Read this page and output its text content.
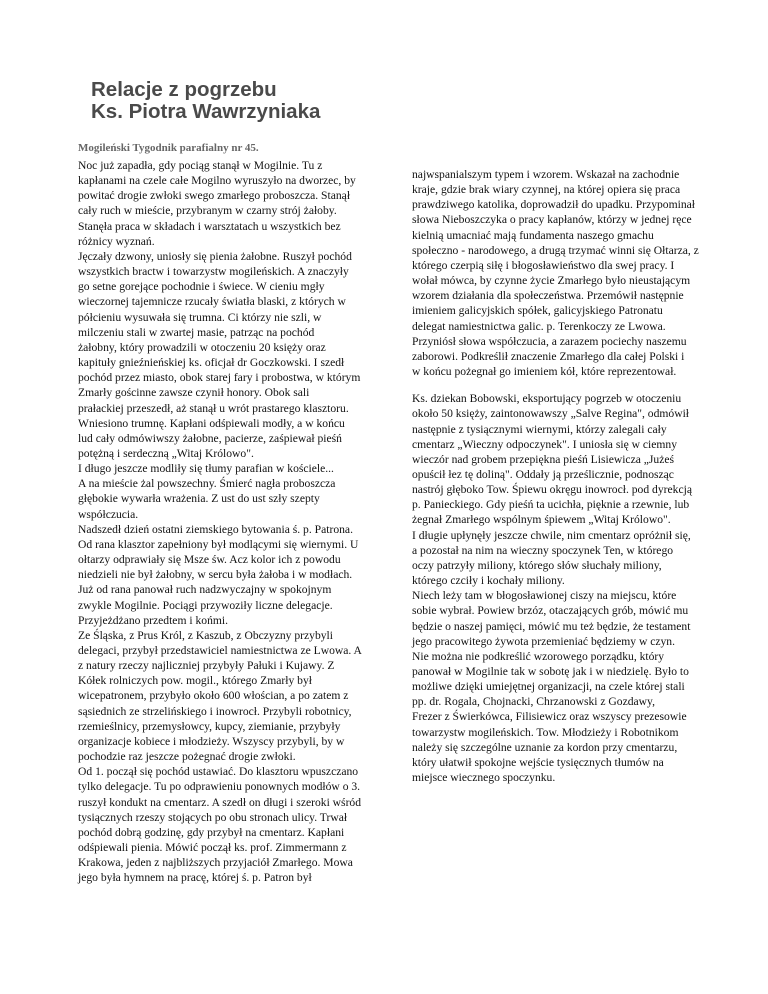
Relacje z pogrzebu
Ks. Piotra Wawrzyniaka
Mogileński Tygodnik parafialny nr 45.
Noc już zapadła, gdy pociąg stanął w Mogilnie. Tu z
kapłanami na czele całe Mogilno wyruszyło na dworzec, by
powitać drogie zwłoki swego zmarłego proboszcza. Stanął
cały ruch w mieście, przybranym w czarny strój żałoby.
Stanęła praca w składach i warsztatach u wszystkich bez
różnicy wyznań.
Jęczały dzwony, uniosły się pienia żałobne. Ruszył pochód
wszystkich bractw i towarzystw mogileńskich. A znaczyły
go setne gorejące pochodnie i świece. W cieniu mgły
wieczornej tajemnicze rzucały światła blaski, z których w
półcieniu wysuwała się trumna. Ci którzy nie szli, w
milczeniu stali w zwartej masie, patrząc na pochód
żałobny, który prowadzili w otoczeniu 20 księży oraz
kapituły gnieźnieńskiej ks. oficjał dr Goczkowski. I szedł
pochód przez miasto, obok starej fary i probostwa, w którym
Zmarły gościnne zawsze czynił honory. Obok sali
prałackiej przeszedł, aż stanął u wrót prastarego klasztoru.
Wniesiono trumnę. Kapłani odśpiewali modły, a w końcu
lud cały odmówiwszy żałobne, pacierze, zaśpiewał pieśń
potężną i serdeczną „Witaj Królowo".
I długo jeszcze modliły się tłumy parafian w kościele...
A na mieście żal powszechny. Śmierć nagła proboszcza
głębokie wywarła wrażenia. Z ust do ust szły szepty
współczucia.
Nadszedł dzień ostatni ziemskiego bytowania ś. p. Patrona.
Od rana klasztor zapełniony był modlącymi się wiernymi. U
ołtarzy odprawiały się Msze św. Acz kolor ich z powodu
niedzieli nie był żałobny, w sercu była żałoba i w modłach.
Już od rana panował ruch nadzwyczajny w spokojnym
zwykle Mogilnie. Pociągi przywoziły liczne delegacje.
Przyjeżdżano przedtem i końmi.
Ze Śląska, z Prus Król, z Kaszub, z Obczyzny przybyli
delegaci, przybył przedstawiciel namiestnictwa ze Lwowa. A
z natury rzeczy najliczniej przybyły Pałuki i Kujawy. Z
Kółek rolniczych pow. mogil., którego Zmarły był
wicepatronem, przybyło około 600 włościan, a po zatem z
sąsiednich ze strzelińskiego i inowrocł. Przybyli robotnicy,
rzemieślnicy, przemysłowcy, kupcy, ziemianie, przybyły
organizacje kobiece i młodzieży. Wszyscy przybyli, by w
pochodzie raz jeszcze pożegnać drogie zwłoki.
Od 1. począł się pochód ustawiać. Do klasztoru wpuszczano
tylko delegacje. Tu po odprawieniu ponownych modłów o 3.
ruszył kondukt na cmentarz. A szedł on długi i szeroki wśród
tysiącznych rzeszy stojących po obu stronach ulicy. Trwał
pochód dobrą godzinę, gdy przybył na cmentarz. Kapłani
odśpiewali pienia. Mówić począł ks. prof. Zimmermann z
Krakowa, jeden z najbliższych przyjaciół Zmarłego. Mowa
jego była hymnem na pracę, której ś. p. Patron był
najwspanialszym typem i wzorem. Wskazał na zachodnie
kraje, gdzie brak wiary czynnej, na której opiera się praca
prawdziwego katolika, doprowadził do upadku. Przypominał
słowa Nieboszczyka o pracy kapłanów, którzy w jednej ręce
kielnią umacniać mają fundamenta naszego gmachu
społeczno - narodowego, a drugą trzymać winni się Ołtarza, z
którego czerpią siłę i błogosławieństwo dla swej pracy. I
wołał mówca, by czynne życie Zmarłego było nieustającym
wzorem działania dla społeczeństwa. Przemówił następnie
imieniem galicyjskich spółek, galicyjskiego Patronatu
delegat namiestnictwa galic. p. Terenkoczy ze Lwowa.
Przyniósł słowa współczucia, a zarazem pociechy naszemu
zaborowi. Podkreślił znaczenie Zmarłego dla całej Polski i
w końcu pożegnał go imieniem kół, które reprezentował.
Ks. dziekan Bobowski, eksportujący pogrzeb w otoczeniu
około 50 księży, zaintonowawszy „Salve Regina", odmówił
następnie z tysiącznymi wiernymi, którzy zalegali cały
cmentarz „Wieczny odpoczynek". I uniosła się w ciemny
wieczór nad grobem przepiękna pieśń Lisiewicza „Jużeś
opuścił łez tę doliną". Oddały ją prześlicznie, podnosząc
nastrój głęboko Tow. Śpiewu okręgu inowrocł. pod dyrekcją
p. Panieckiego. Gdy pieśń ta ucichła, pięknie a rzewnie, lub
żegnał Zmarłego wspólnym śpiewem „Witaj Królowo".
I długie upłynęły jeszcze chwile, nim cmentarz opróżnił się,
a pozostał na nim na wieczny spoczynek Ten, w którego
oczy patrzyły miliony, którego słów słuchały miliony,
którego czciły i kochały miliony.
Niech leży tam w błogosławionej ciszy na miejscu, które
sobie wybrał. Powiew brzóz, otaczających grób, mówić mu
będzie o naszej pamięci, mówić mu też będzie, że testament
jego pracowitego żywota przemieniać będziemy w czyn.
Nie można nie podkreślić wzorowego porządku, który
panował w Mogilnie tak w sobotę jak i w niedzielę. Było to
możliwe dzięki umiejętnej organizacji, na czele której stali
pp. dr. Rogala, Chojnacki, Chrzanowski z Gozdawy,
Frezer z Świerkówca, Filisiewicz oraz wszyscy prezesowie
towarzystw mogileńskich. Tow. Młodzieży i Robotnikom
należy się szczególne uznanie za kordon przy cmentarzu,
który ułatwił spokojne wejście tysięcznych tłumów na
miejsce wiecznego spoczynku.
